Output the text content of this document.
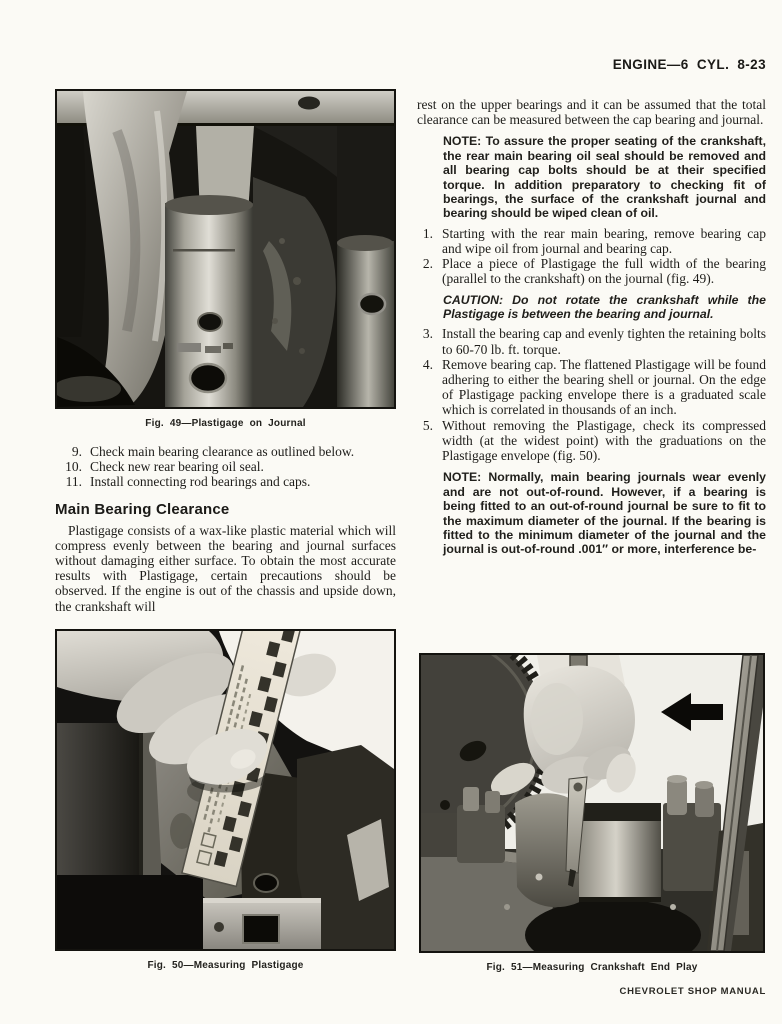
ENGINE—6 CYL. 8-23
Fig. 49—Plastigage on Journal
9. Check main bearing clearance as outlined below.
10. Check new rear bearing oil seal.
11. Install connecting rod bearings and caps.
Main Bearing Clearance

Plastigage consists of a wax-like plastic material which will compress evenly between the bearing and journal surfaces without damaging either surface. To obtain the most accurate results with Plastigage, certain precautions should be observed. If the engine is out of the chassis and upside down, the crankshaft will

Fig. 50—Measuring Plastigage

rest on the upper bearings and it can be assumed that the total clearance can be measured between the cap bearing and journal.

NOTE: To assure the proper seating of the crankshaft, the rear main bearing oil seal should be removed and all bearing cap bolts should be at their specified torque. In addition preparatory to checking fit of bearings, the surface of the crankshaft journal and bearing should be wiped clean of oil.

1. Starting with the rear main bearing, remove bearing cap and wipe oil from journal and bearing cap.
2. Place a piece of Plastigage the full width of the bearing (parallel to the crankshaft) on the journal (fig. 49).

CAUTION: Do not rotate the crankshaft while the Plastigage is between the bearing and journal.

3. Install the bearing cap and evenly tighten the retaining bolts to 60-70 lb. ft. torque.
4. Remove bearing cap. The flattened Plastigage will be found adhering to either the bearing shell or journal. On the edge of Plastigage packing envelope there is a graduated scale which is correlated in thousands of an inch.
5. Without removing the Plastigage, check its compressed width (at the widest point) with the graduations on the Plastigage envelope (fig. 50).

NOTE: Normally, main bearing journals wear evenly and are not out-of-round. However, if a bearing is being fitted to an out-of-round journal be sure to fit to the maximum diameter of the journal. If the bearing is fitted to the minimum diameter of the journal and the journal is out-of-round .001″ or more, interference be-

Fig. 51—Measuring Crankshaft End Play
CHEVROLET SHOP MANUAL
